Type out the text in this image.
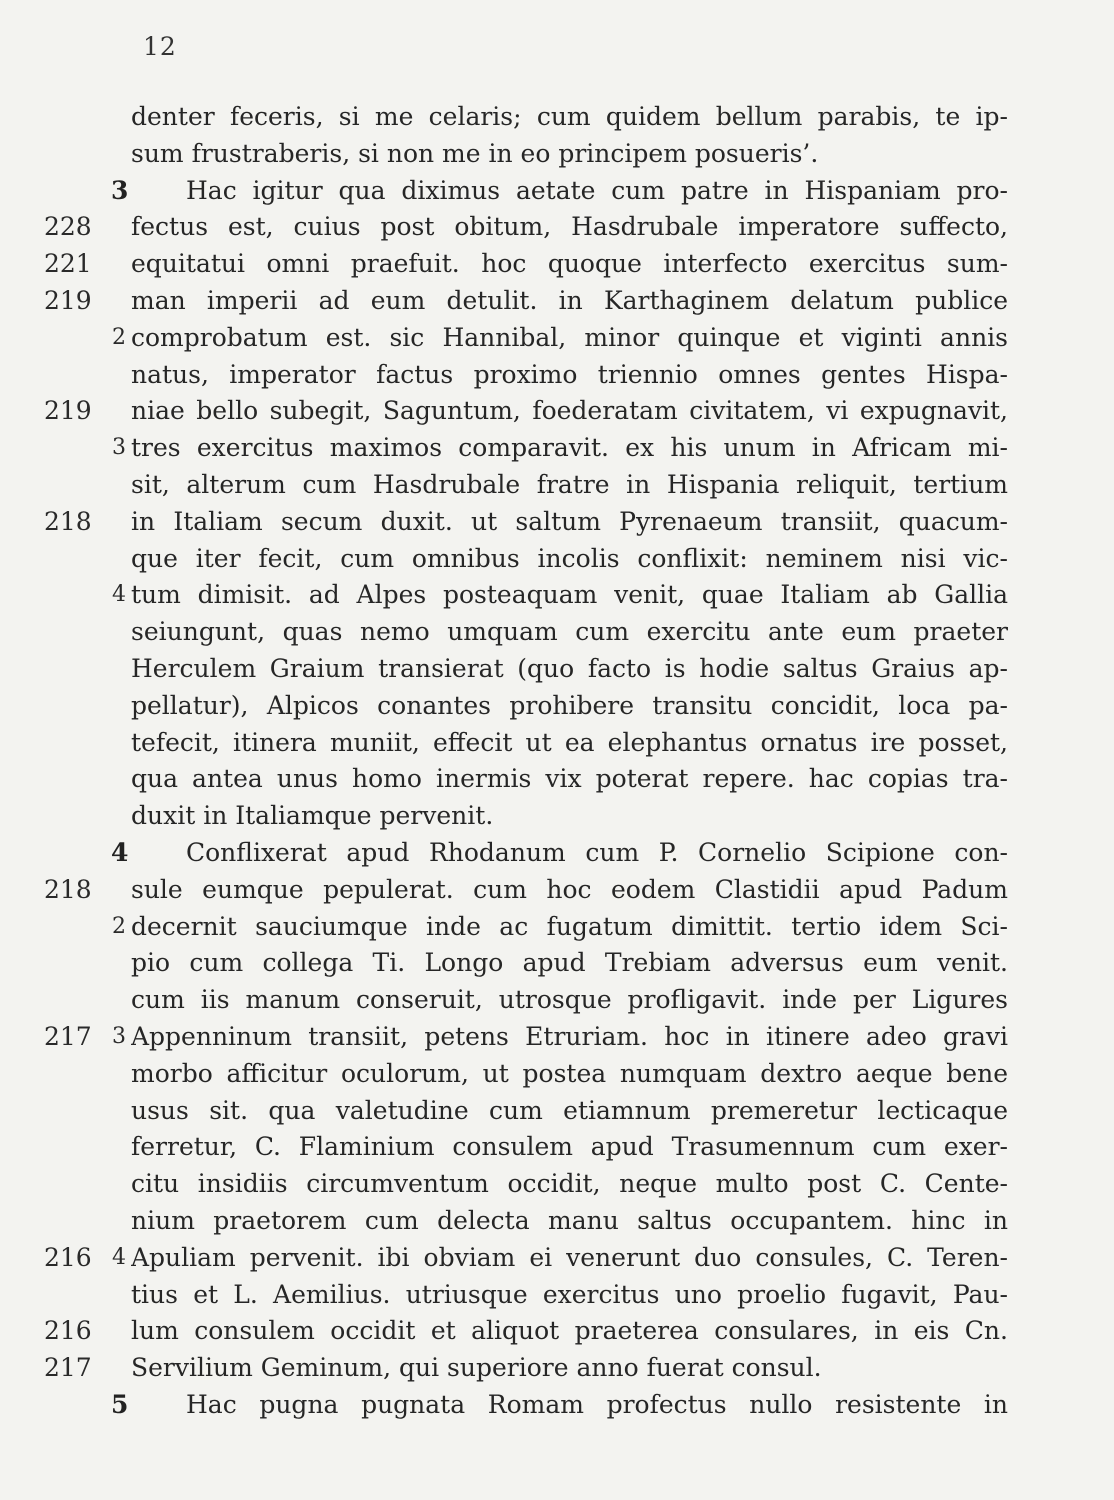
12
denter feceris, si me celaris; cum quidem bellum parabis, te ip-
sum frustraberis, si non me in eo principem posueris’.
3 Hac igitur qua diximus aetate cum patre in Hispaniam pro-
228 fectus est, cuius post obitum, Hasdrubale imperatore suffecto,
221 equitatui omni praefuit. hoc quoque interfecto exercitus sum-
219 man imperii ad eum detulit. in Karthaginem delatum publice
2 comprobatum est. sic Hannibal, minor quinque et viginti annis
natus, imperator factus proximo triennio omnes gentes Hispa-
219 niae bello subegit, Saguntum, foederatam civitatem, vi expugnavit,
3 tres exercitus maximos comparavit. ex his unum in Africam mi-
sit, alterum cum Hasdrubale fratre in Hispania reliquit, tertium
218 in Italiam secum duxit. ut saltum Pyrenaeum transiit, quacum-
que iter fecit, cum omnibus incolis conflixit: neminem nisi vic-
4 tum dimisit. ad Alpes posteaquam venit, quae Italiam ab Gallia
seiungunt, quas nemo umquam cum exercitu ante eum praeter
Herculem Graium transierat (quo facto is hodie saltus Graius ap-
pellatur), Alpicos conantes prohibere transitu concidit, loca pa-
tefecit, itinera muniit, effecit ut ea elephantus ornatus ire posset,
qua antea unus homo inermis vix poterat repere. hac copias tra-
duxit in Italiamque pervenit.
4 Conflixerat apud Rhodanum cum P. Cornelio Scipione con-
218 sule eumque pepulerat. cum hoc eodem Clastidii apud Padum
2 decernit sauciumque inde ac fugatum dimittit. tertio idem Sci-
pio cum collega Ti. Longo apud Trebiam adversus eum venit.
cum iis manum conseruit, utrosque profligavit. inde per Ligures
217 3 Appenninum transiit, petens Etruriam. hoc in itinere adeo gravi
morbo afficitur oculorum, ut postea numquam dextro aeque bene
usus sit. qua valetudine cum etiamnum premeretur lecticaque
ferretur, C. Flaminium consulem apud Trasumennum cum exer-
citu insidiis circumventum occidit, neque multo post C. Cente-
nium praetorem cum delecta manu saltus occupantem. hinc in
216 4 Apuliam pervenit. ibi obviam ei venerunt duo consules, C. Teren-
tius et L. Aemilius. utriusque exercitus uno proelio fugavit, Pau-
216 lum consulem occidit et aliquot praeterea consulares, in eis Cn.
217 Servilium Geminum, qui superiore anno fuerat consul.
5 Hac pugna pugnata Romam profectus nullo resistente in
